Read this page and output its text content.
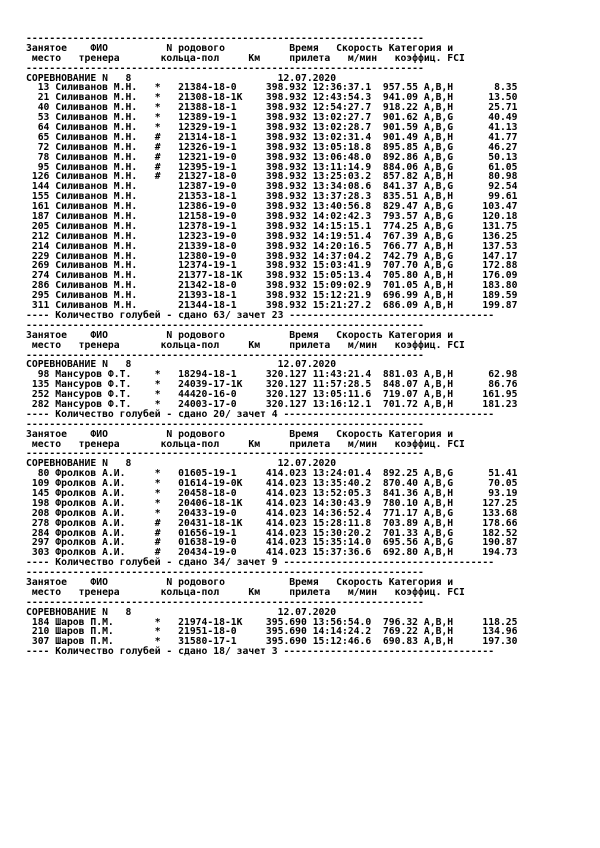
--------------------------------------------------------------------
Занятое    ФИО          N родового           Время   Скорость Категория и
место   тренера       кольца-пол     Км     прилета   м/мин   коэффиц. FCI
--------------------------------------------------------------------
СОРЕВНОВАНИЕ N   8                         12.07.2020
13 Силиванов М.Н.   *   21384-18-0     398.932 12:36:37.1  957.55 A,B,H       8.35
21 Силиванов М.Н.   *   21308-18-1K    398.932 12:43:54.3  941.09 A,B,H      13.50
40 Силиванов М.Н.   *   21388-18-1     398.932 12:54:27.7  918.22 A,B,H      25.71
53 Силиванов М.Н.   *   12389-19-1     398.932 13:02:27.7  901.62 A,B,G      40.49
64 Силиванов М.Н.   *   12329-19-1     398.932 13:02:28.7  901.59 A,B,G      41.13
65 Силиванов М.Н.   #   21314-18-1     398.932 13:02:31.4  901.49 A,B,H      41.77
72 Силиванов М.Н.   #   12326-19-1     398.932 13:05:18.8  895.85 A,B,G      46.27
78 Силиванов М.Н.   #   12321-19-0     398.932 13:06:48.0  892.86 A,B,G      50.13
95 Силиванов М.Н.   #   12395-19-1     398.932 13:11:14.9  884.06 A,B,G      61.05
126 Силиванов М.Н.   #   21327-18-0     398.932 13:25:03.2  857.82 A,B,H      80.98
144 Силиванов М.Н.       12387-19-0     398.932 13:34:08.6  841.37 A,B,G      92.54
155 Силиванов М.Н.       21353-18-1     398.932 13:37:28.3  835.51 A,B,H      99.61
161 Силиванов М.Н.       12386-19-0     398.932 13:40:56.8  829.47 A,B,G     103.47
187 Силиванов М.Н.       12158-19-0     398.932 14:02:42.3  793.57 A,B,G     120.18
205 Силиванов М.Н.       12378-19-1     398.932 14:15:15.1  774.25 A,B,G     131.75
212 Силиванов М.Н.       12323-19-0     398.932 14:19:51.4  767.39 A,B,G     136.25
214 Силиванов М.Н.       21339-18-0     398.932 14:20:16.5  766.77 A,B,H     137.53
229 Силиванов М.Н.       12380-19-0     398.932 14:37:04.2  742.79 A,B,G     147.17
269 Силиванов М.Н.       12374-19-1     398.932 15:03:41.9  707.70 A,B,G     172.88
274 Силиванов М.Н.       21377-18-1K    398.932 15:05:13.4  705.80 A,B,H     176.09
286 Силиванов М.Н.       21342-18-0     398.932 15:09:02.9  701.05 A,B,H     183.80
295 Силиванов М.Н.       21393-18-1     398.932 15:12:21.9  696.99 A,B,H     189.59
311 Силиванов М.Н.       21344-18-1     398.932 15:21:27.2  686.09 A,B,H     199.87
---- Количество голубей - сдано 63/ зачет 23 -----------------------------------
--------------------------------------------------------------------
Занятое    ФИО          N родового           Время   Скорость Категория и
место   тренера       кольца-пол     Км     прилета   м/мин   коэффиц. FCI
--------------------------------------------------------------------
СОРЕВНОВАНИЕ N   8                         12.07.2020
98 Мансуров Ф.Т.    *   18294-18-1     320.127 11:43:21.4  881.03 A,B,H      62.98
135 Мансуров Ф.Т.    *   24039-17-1K    320.127 11:57:28.5  848.07 A,B,H      86.76
252 Мансуров Ф.Т.    *   44420-16-0     320.127 13:05:11.6  719.07 A,B,H     161.95
282 Мансуров Ф.Т.    *   24003-17-0     320.127 13:16:12.1  701.72 A,B,H     181.23
---- Количество голубей - сдано 20/ зачет 4 ------------------------------------
--------------------------------------------------------------------
Занятое    ФИО          N родового           Время   Скорость Категория и
место   тренера       кольца-пол     Км     прилета   м/мин   коэффиц. FCI
--------------------------------------------------------------------
СОРЕВНОВАНИЕ N   8                         12.07.2020
80 Фролков А.И.     *   01605-19-1     414.023 13:24:01.4  892.25 A,B,G      51.41
109 Фролков А.И.     *   01614-19-0K    414.023 13:35:40.2  870.40 A,B,G      70.05
145 Фролков А.И.     *   20458-18-0     414.023 13:52:05.3  841.36 A,B,H      93.19
198 Фролков А.И.     *   20406-18-1K    414.023 14:30:43.9  780.10 A,B,H     127.25
208 Фролков А.И.     *   20433-19-0     414.023 14:36:52.4  771.17 A,B,G     133.68
278 Фролков А.И.     #   20431-18-1K    414.023 15:28:11.8  703.89 A,B,H     178.66
284 Фролков А.И.     #   01656-19-1     414.023 15:30:20.2  701.33 A,B,G     182.52
297 Фролков А.И.     #   01638-19-0     414.023 15:35:14.0  695.56 A,B,G     190.87
303 Фролков А.И.     #   20434-19-0     414.023 15:37:36.6  692.80 A,B,H     194.73
---- Количество голубей - сдано 34/ зачет 9 ------------------------------------
--------------------------------------------------------------------
Занятое    ФИО          N родового           Время   Скорость Категория и
место   тренера       кольца-пол     Км     прилета   м/мин   коэффиц. FCI
--------------------------------------------------------------------
СОРЕВНОВАНИЕ N   8                         12.07.2020
184 Шаров П.М.       *   21974-18-1K    395.690 13:56:54.0  796.32 A,B,H     118.25
210 Шаров П.М.       *   21951-18-0     395.690 14:14:24.2  769.22 A,B,H     134.96
307 Шаров П.М.       *   31580-17-1     395.690 15:12:46.6  690.83 A,B,H     197.30
---- Количество голубей - сдано 18/ зачет 3 ------------------------------------
